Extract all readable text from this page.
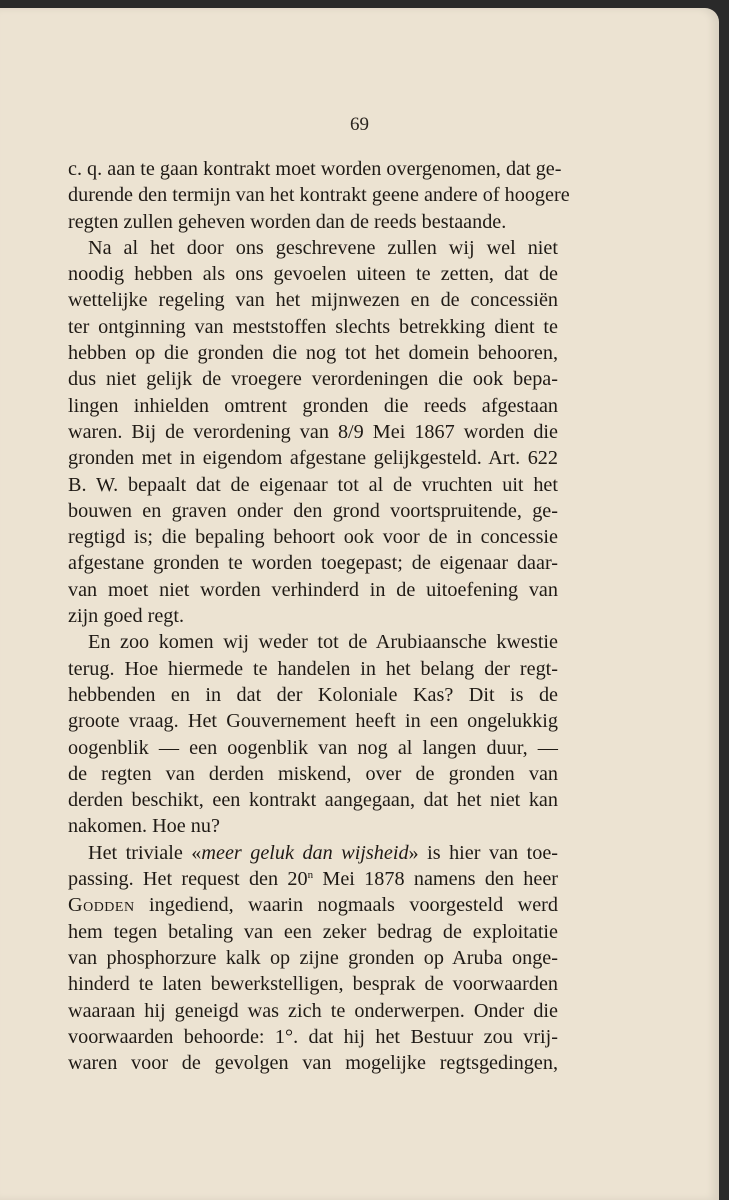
69
c. q. aan te gaan kontrakt moet worden overgenomen, dat ge-
durende den termijn van het kontrakt geene andere of hoogere
regten zullen geheven worden dan de reeds bestaande.
Na al het door ons geschrevene zullen wij wel niet
noodig hebben als ons gevoelen uiteen te zetten, dat de
wettelijke regeling van het mijnwezen en de concessiën
ter ontginning van meststoffen slechts betrekking dient te
hebben op die gronden die nog tot het domein behooren,
dus niet gelijk de vroegere verordeningen die ook bepa-
lingen inhielden omtrent gronden die reeds afgestaan
waren. Bij de verordening van 8/9 Mei 1867 worden die
gronden met in eigendom afgestane gelijkgesteld. Art. 622
B. W. bepaalt dat de eigenaar tot al de vruchten uit het
bouwen en graven onder den grond voortspruitende, ge-
regtigd is; die bepaling behoort ook voor de in concessie
afgestane gronden te worden toegepast; de eigenaar daar-
van moet niet worden verhinderd in de uitoefening van
zijn goed regt.
En zoo komen wij weder tot de Arubiaansche kwestie
terug. Hoe hiermede te handelen in het belang der regt-
hebbenden en in dat der Koloniale Kas? Dit is de
groote vraag. Het Gouvernement heeft in een ongelukkig
oogenblik — een oogenblik van nog al langen duur, —
de regten van derden miskend, over de gronden van
derden beschikt, een kontrakt aangegaan, dat het niet kan
nakomen. Hoe nu?
Het triviale «meer geluk dan wijsheid» is hier van toe-
passing. Het request den 20$^n$ Mei 1878 namens den heer
Godden ingediend, waarin nogmaals voorgesteld werd
hem tegen betaling van een zeker bedrag de exploitatie
van phosphorzure kalk op zijne gronden op Aruba onge-
hinderd te laten bewerkstelligen, besprak de voorwaarden
waaraan hij geneigd was zich te onderwerpen. Onder die
voorwaarden behoorde: 1°. dat hij het Bestuur zou vrij-
waren voor de gevolgen van mogelijke regtsgedingen,
